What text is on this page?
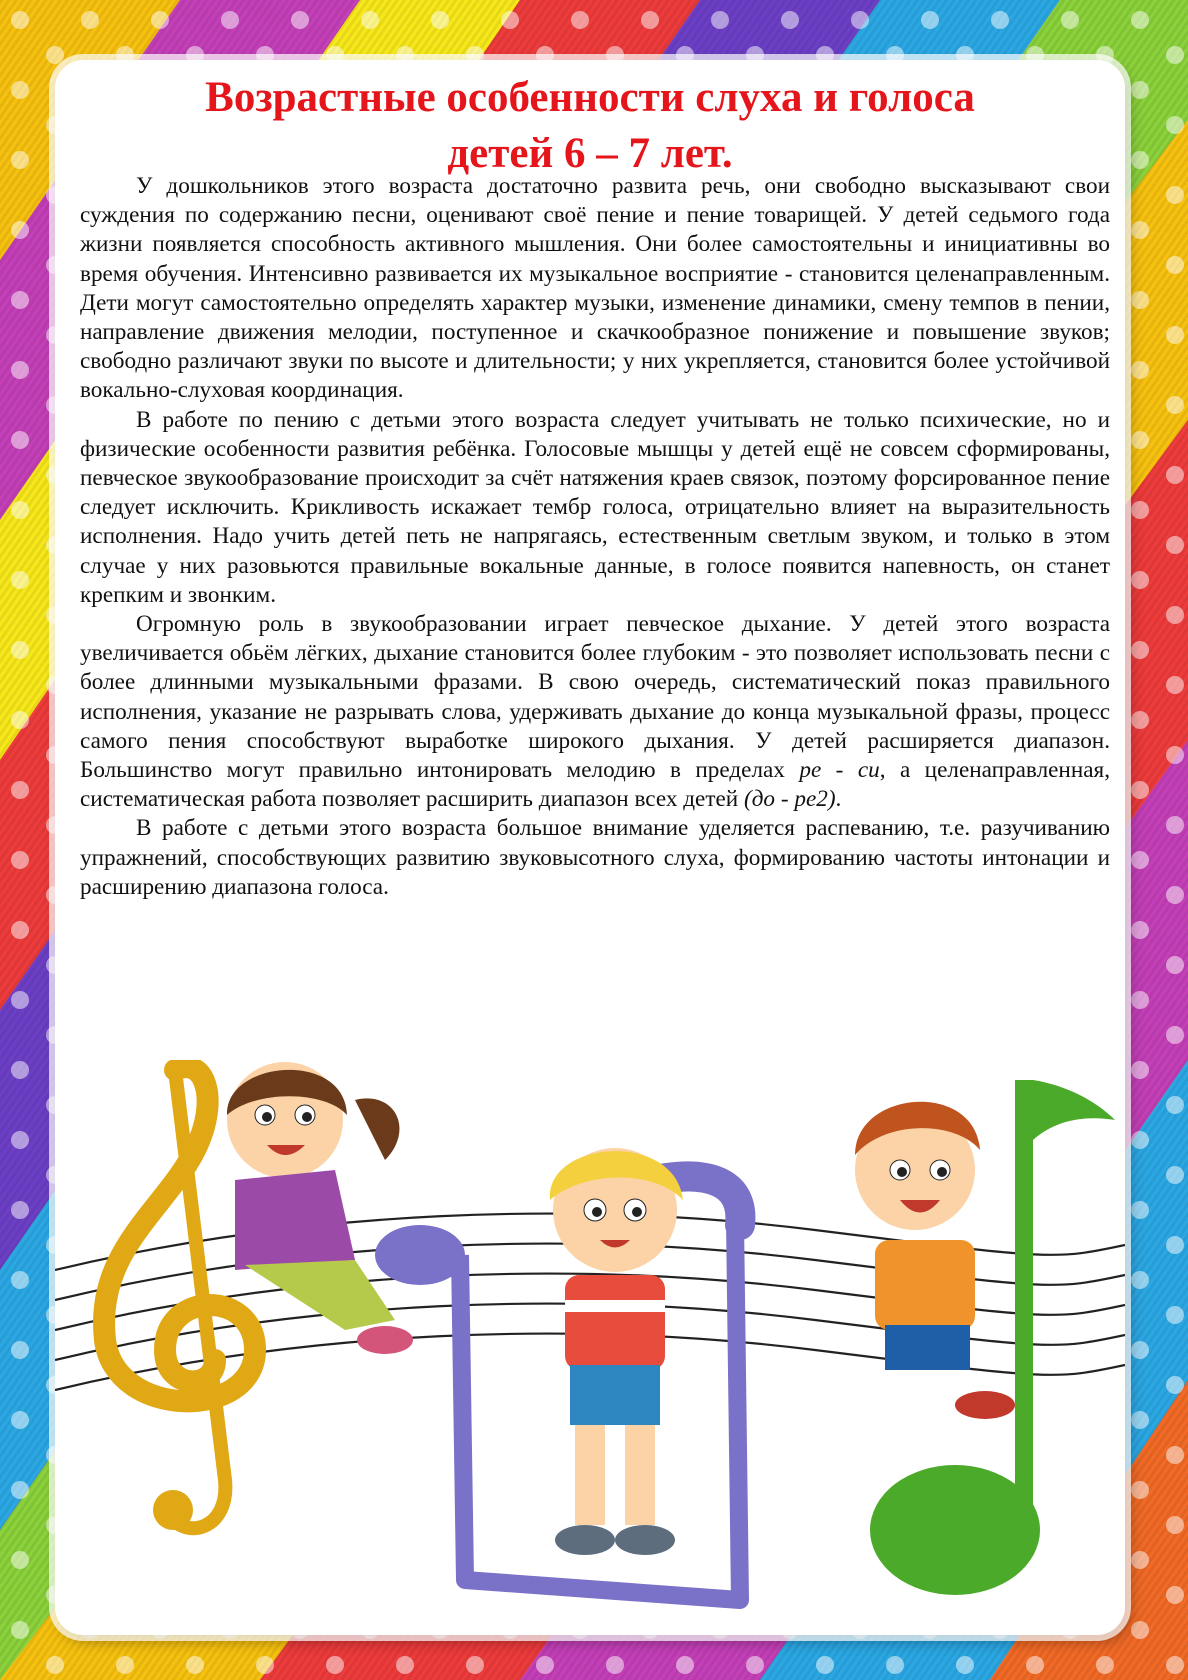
Возрастные особенности слуха и голоса
детей 6 – 7 лет.

У дошкольников этого возраста достаточно развита речь, они свободно высказывают свои суждения по содержанию песни, оценивают своё пение и пение товарищей. У детей седьмого года жизни появляется способность активного мышления. Они более самостоятельны и инициативны во время обучения. Интенсивно развивается их музыкальное восприятие - становится целенаправленным. Дети могут самостоятельно определять характер музыки, изменение динамики, смену темпов в пении, направление движения мелодии, поступенное и скачкообразное понижение и повышение звуков; свободно различают звуки по высоте и длительности; у них укрепляется, становится более устойчивой вокально-слуховая координация.

В работе по пению с детьми этого возраста следует учитывать не только психические, но и физические особенности развития ребёнка. Голосовые мышцы у детей ещё не совсем сформированы, певческое звукообразование происходит за счёт натяжения краев связок, поэтому форсированное пение следует исключить. Крикливость искажает тембр голоса, отрицательно влияет на выразительность исполнения. Надо учить детей петь не напрягаясь, естественным светлым звуком, и только в этом случае у них разовьются правильные вокальные данные, в голосе появится напевность, он станет крепким и звонким.

Огромную роль в звукообразовании играет певческое дыхание. У детей этого возраста увеличивается обьём лёгких, дыхание становится более глубоким - это позволяет использовать песни с более длинными музыкальными фразами. В свою очередь, систематический показ правильного исполнения, указание не разрывать слова, удерживать дыхание до конца музыкальной фразы, процесс самого пения способствуют выработке широкого дыхания. У детей расширяется диапазон. Большинство могут правильно интонировать мелодию в пределах ре - си, а целенаправленная, систематическая работа позволяет расширить диапазон всех детей (до - ре2).

В работе с детьми этого возраста большое внимание уделяется распеванию, т.е. разучиванию упражнений, способствующих развитию звуковысотного слуха, формированию частоты интонации и расширению диапазона голоса.
